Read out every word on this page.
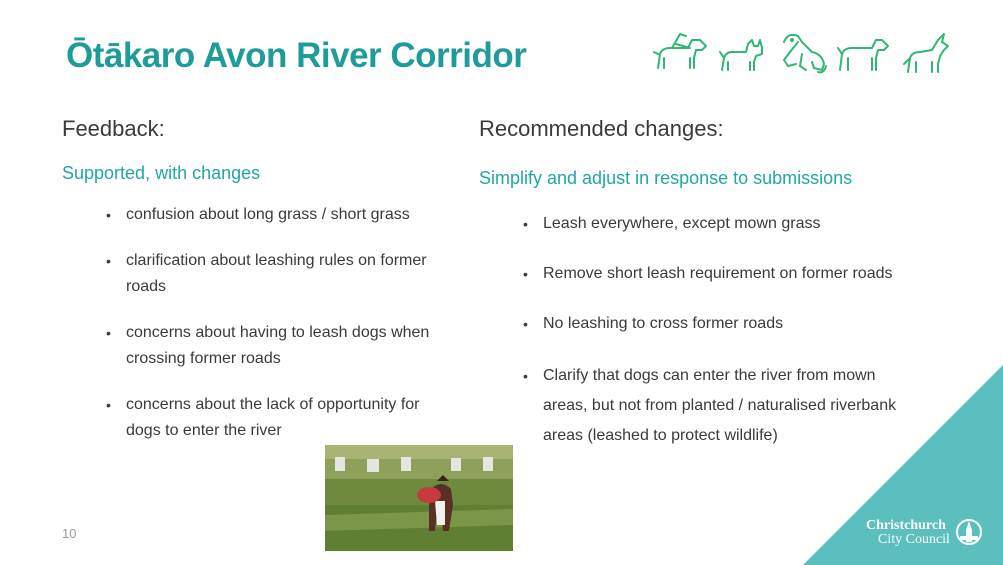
Ōtākaro Avon River Corridor
Feedback:
Supported, with changes
• confusion about long grass / short grass
• clarification about leashing rules on former roads
• concerns about having to leash dogs when crossing former roads
• concerns about the lack of opportunity for dogs to enter the river
Recommended changes:
Simplify and adjust in response to submissions
• Leash everywhere, except mown grass
• Remove short leash requirement on former roads
• No leashing to cross former roads
• Clarify that dogs can enter the river from mown areas, but not from planted / naturalised riverbank areas (leashed to protect wildlife)
10
Christchurch
City Council
